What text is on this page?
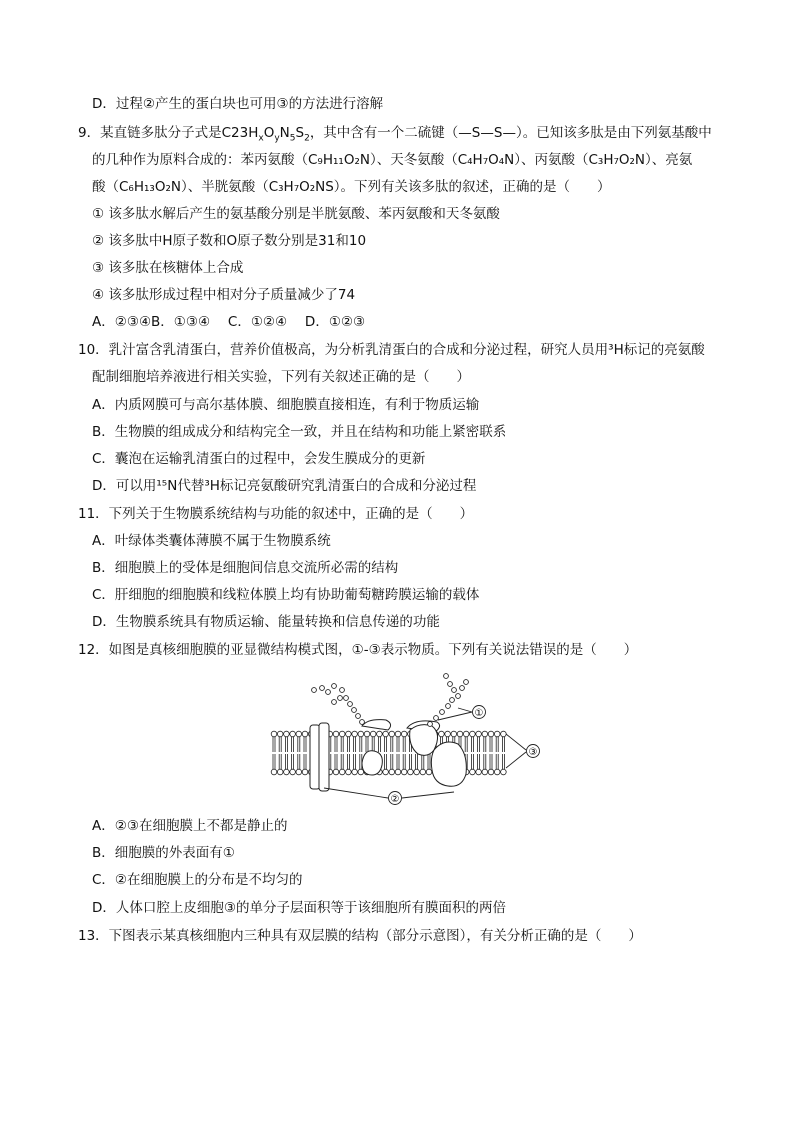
D．过程②产生的蛋白块也可用③的方法进行溶解
9．某直链多肽分子式是$C23H_xO_yN_5S_2$，其中含有一个二硫键（—S—S—）。已知该多肽是由下列氨基酸中
的几种作为原料合成的：苯丙氨酸（C₉H₁₁O₂N）、天冬氨酸（C₄H₇O₄N）、丙氨酸（C₃H₇O₂N）、亮氨
酸（C₆H₁₃O₂N）、半胱氨酸（C₃H₇O₂NS）。下列有关该多肽的叙述，正确的是（　　）
① 该多肽水解后产生的氨基酸分别是半胱氨酸、苯丙氨酸和天冬氨酸
② 该多肽中H原子数和O原子数分别是31和10
③ 该多肽在核糖体上合成
④ 该多肽形成过程中相对分子质量减少了74
A．②③④B．①③④　 C．①②④　 D．①②③
10．乳汁富含乳清蛋白，营养价值极高，为分析乳清蛋白的合成和分泌过程，研究人员用³H标记的亮氨酸
配制细胞培养液进行相关实验，下列有关叙述正确的是（　　）
A．内质网膜可与高尔基体膜、细胞膜直接相连，有利于物质运输
B．生物膜的组成成分和结构完全一致，并且在结构和功能上紧密联系
C．囊泡在运输乳清蛋白的过程中，会发生膜成分的更新
D．可以用¹⁵N代替³H标记亮氨酸研究乳清蛋白的合成和分泌过程
11．下列关于生物膜系统结构与功能的叙述中，正确的是（　　）
A．叶绿体类囊体薄膜不属于生物膜系统
B．细胞膜上的受体是细胞间信息交流所必需的结构
C．肝细胞的细胞膜和线粒体膜上均有协助葡萄糖跨膜运输的载体
D．生物膜系统具有物质运输、能量转换和信息传递的功能
12．如图是真核细胞膜的亚显微结构模式图，①-③表示物质。下列有关说法错误的是（　　）
①
③
②
A．②③在细胞膜上不都是静止的
B．细胞膜的外表面有①
C．②在细胞膜上的分布是不均匀的
D．人体口腔上皮细胞③的单分子层面积等于该细胞所有膜面积的两倍
13．下图表示某真核细胞内三种具有双层膜的结构（部分示意图），有关分析正确的是（　　）
